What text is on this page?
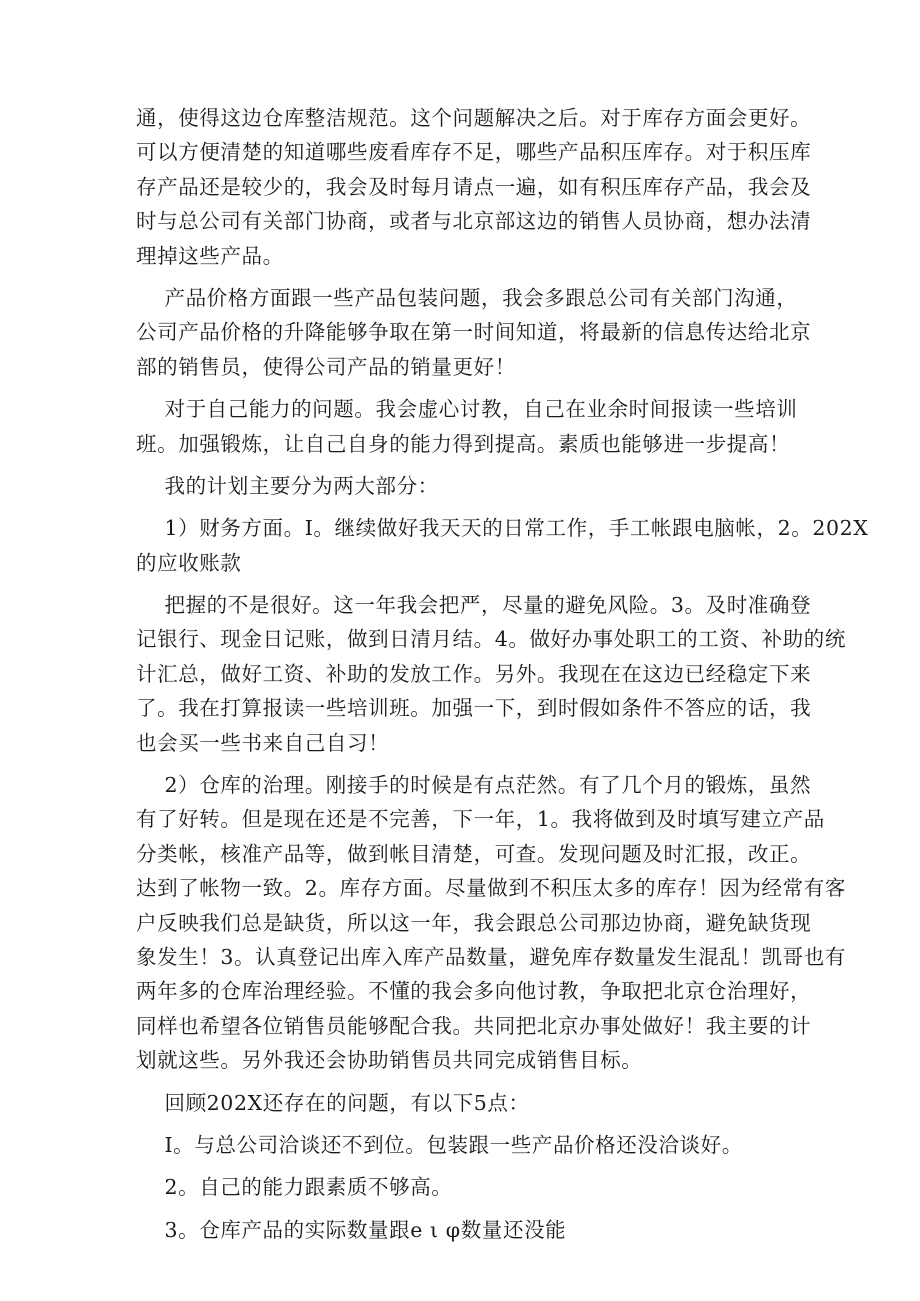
通，使得这边仓库整洁规范。这个问题解决之后。对于库存方面会更好。
可以方便清楚的知道哪些废看库存不足，哪些产品积压库存。对于积压库
存产品还是较少的，我会及时每月请点一遍，如有积压库存产品，我会及
时与总公司有关部门协商，或者与北京部这边的销售人员协商，想办法清
理掉这些产品。
产品价格方面跟一些产品包装问题，我会多跟总公司有关部门沟通，
公司产品价格的升降能够争取在第一时间知道，将最新的信息传达给北京
部的销售员，使得公司产品的销量更好！
对于自己能力的问题。我会虚心讨教，自己在业余时间报读一些培训
班。加强锻炼，让自己自身的能力得到提高。素质也能够进一步提高！
我的计划主要分为两大部分：
1）财务方面。I。继续做好我天天的日常工作，手工帐跟电脑帐，2。202X
的应收账款
把握的不是很好。这一年我会把严，尽量的避免风险。3。及时准确登
记银行、现金日记账，做到日清月结。4。做好办事处职工的工资、补助的统
计汇总，做好工资、补助的发放工作。另外。我现在在这边已经稳定下来
了。我在打算报读一些培训班。加强一下，到时假如条件不答应的话，我
也会买一些书来自己自习！
2）仓库的治理。刚接手的时候是有点茫然。有了几个月的锻炼，虽然
有了好转。但是现在还是不完善，下一年，1。我将做到及时填写建立产品
分类帐，核准产品等，做到帐目清楚，可查。发现问题及时汇报，改正。
达到了帐物一致。2。库存方面。尽量做到不积压太多的库存！因为经常有客
户反映我们总是缺货，所以这一年，我会跟总公司那边协商，避免缺货现
象发生！3。认真登记出库入库产品数量，避免库存数量发生混乱！凯哥也有
两年多的仓库治理经验。不懂的我会多向他讨教，争取把北京仓治理好，
同样也希望各位销售员能够配合我。共同把北京办事处做好！我主要的计
划就这些。另外我还会协助销售员共同完成销售目标。
回顾202X还存在的问题，有以下5点：
I。与总公司洽谈还不到位。包装跟一些产品价格还没洽谈好。
2。自己的能力跟素质不够高。
3。仓库产品的实际数量跟e ι φ数量还没能
